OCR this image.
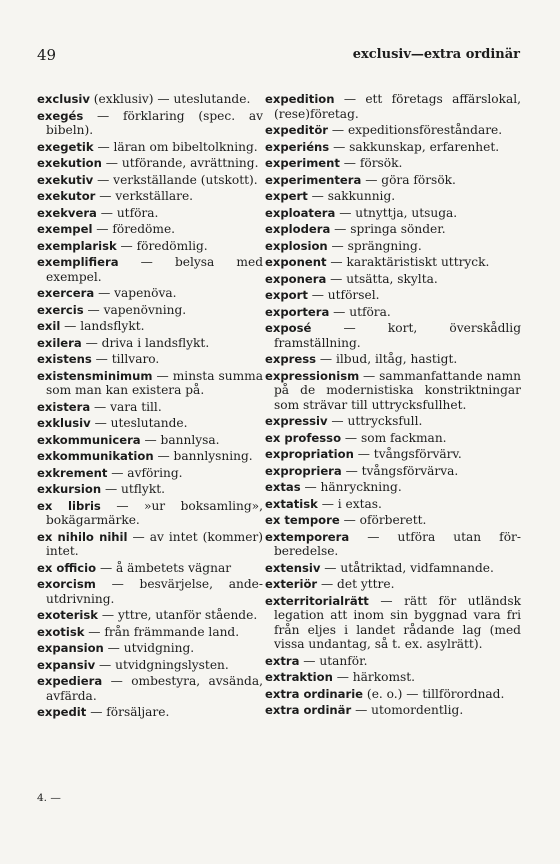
49	exclusiv—extra ordinär

exclusiv (exklusiv) — uteslutande.

exegés — förklaring (spec. av bibeln).

exegetik — läran om bibeltolkning.

exekution — utförande, avrättning.

exekutiv — verkställande (utskott).

exekutor — verkställare.

exekvera — utföra.

exempel — föredöme.

exemplarisk — föredömlig.

exemplifiera — belysa med exempel.

exercera — vapenöva.

exercis — vapenövning.

exil — landsflykt.

exilera — driva i landsflykt.

existens — tillvaro.

existensminimum — minsta summa som man kan existera på.

existera — vara till.

exklusiv — uteslutande.

exkommunicera — bannlysa.

exkommunikation — bannlysning.

exkrement — avföring.

exkursion — utflykt.

ex libris — »ur boksamling», bokägarmärke.

ex nihilo nihil — av intet (kommer) intet.

ex officio — å ämbetets vägnar

exorcism — besvärjelse, andeutdrivning.

exoterisk — yttre, utanför stående.

exotisk — från främmande land.

expansion — utvidgning.

expansiv — utvidgningslysten.

expediera — ombestyra, avsända, avfärda.

expedit — försäljare.

expedition — ett företags affärslokal, (rese)företag.

expeditör — expeditionsföreståndare.

experiéns — sakkunskap, erfarenhet.

experiment — försök.

experimentera — göra försök.

expert — sakkunnig.

exploatera — utnyttja, utsuga.

explodera — springa sönder.

explosion — sprängning.

exponent — karaktäristiskt uttryck.

exponera — utsätta, skylta.

export — utförsel.

exportera — utföra.

exposé — kort, överskådlig framställning.

express — ilbud, iltåg, hastigt.

expressionism — sammanfattande namn på de modernistiska konstriktningar som strävar till uttrycksfullhet.

expressiv — uttrycksfull.

ex professo — som fackman.

expropriation — tvångsförvärv.

expropriera — tvångsförvärva.

extas — hänryckning.

extatisk — i extas.

ex tempore — oförberett.

extemporera — utföra utan förberedelse.

extensiv — utåtriktad, vidfamnande.

exteriör — det yttre.

exterritorialrätt — rätt för utländsk legation att inom sin byggnad vara fri från eljes i landet rådande lag (med vissa undantag, så t. ex. asylrätt).

extra — utanför.

extraktion — härkomst.

extra ordinarie (e. o.) — tillförordnad.

extra ordinär — utomordentlig.

4. —
